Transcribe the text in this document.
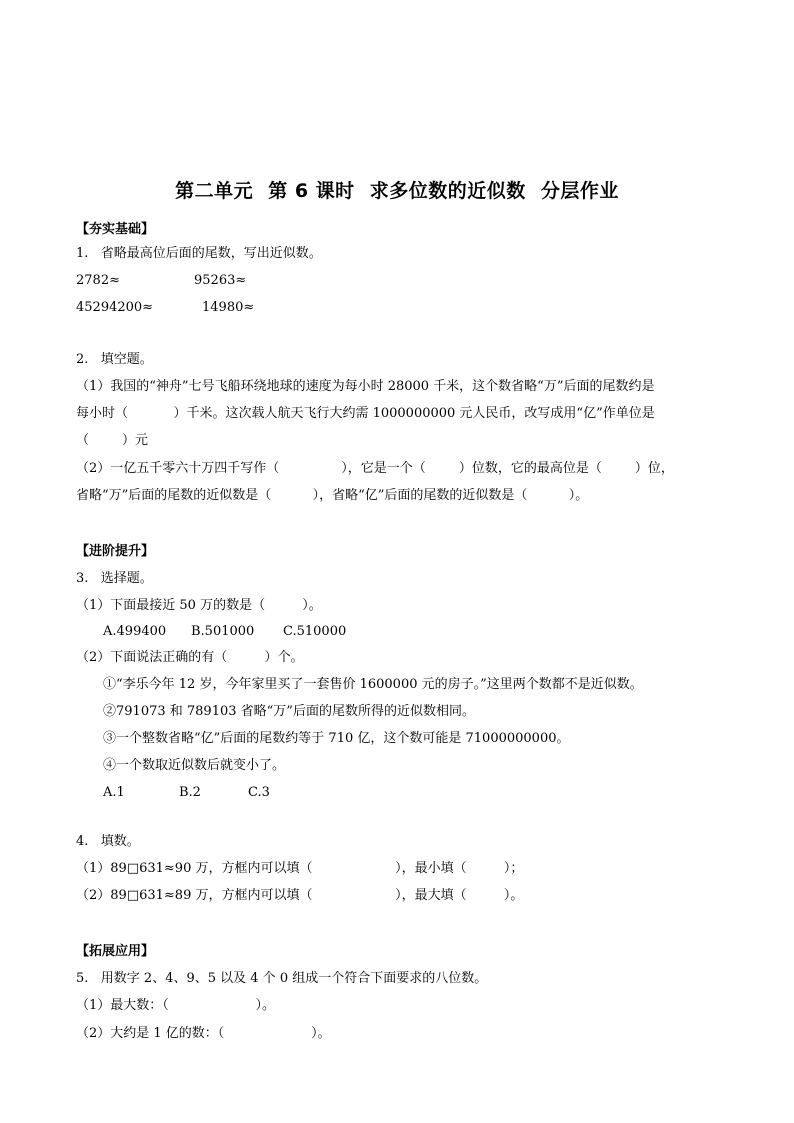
第二单元 第 6 课时 求多位数的近似数 分层作业
【夯实基础】
1.   省略最高位后面的尾数，写出近似数。
2782≈	95263≈
45294200≈	14980≈
2.   填空题。
（1）我国的“神舟”七号飞船环绕地球的速度为每小时 28000 千米，这个数省略“万”后面的尾数约是
每小时（           ）千米。这次载人航天飞行大约需 1000000000 元人民币，改写成用“亿”作单位是
（        ）元
（2）一亿五千零六十万四千写作（               ），它是一个（        ）位数，它的最高位是（        ）位，
省略“万”后面的尾数的近似数是（          ），省略“亿”后面的尾数的近似数是（          ）。
【进阶提升】
3.   选择题。
（1）下面最接近 50 万的数是（         ）。
A.499400 B.501000 C.510000
（2）下面说法正确的有（         ）个。
①“李乐今年 12 岁，今年家里买了一套售价 1600000 元的房子。”这里两个数都不是近似数。
②791073 和 789103 省略“万”后面的尾数所得的近似数相同。
③一个整数省略“亿”后面的尾数约等于 710 亿，这个数可能是 71000000000。
④一个数取近似数后就变小了。
A.1	B.2	C.3
4.   填数。
（1）89□631≈90 万，方框内可以填（                    ），最小填（         ）；
（2）89□631≈89 万，方框内可以填（                    ），最大填（         ）。
【拓展应用】
5.   用数字 2、4、9、5 以及 4 个 0 组成一个符合下面要求的八位数。
（1）最大数：（                     ）。
（2）大约是 1 亿的数：（                     ）。
